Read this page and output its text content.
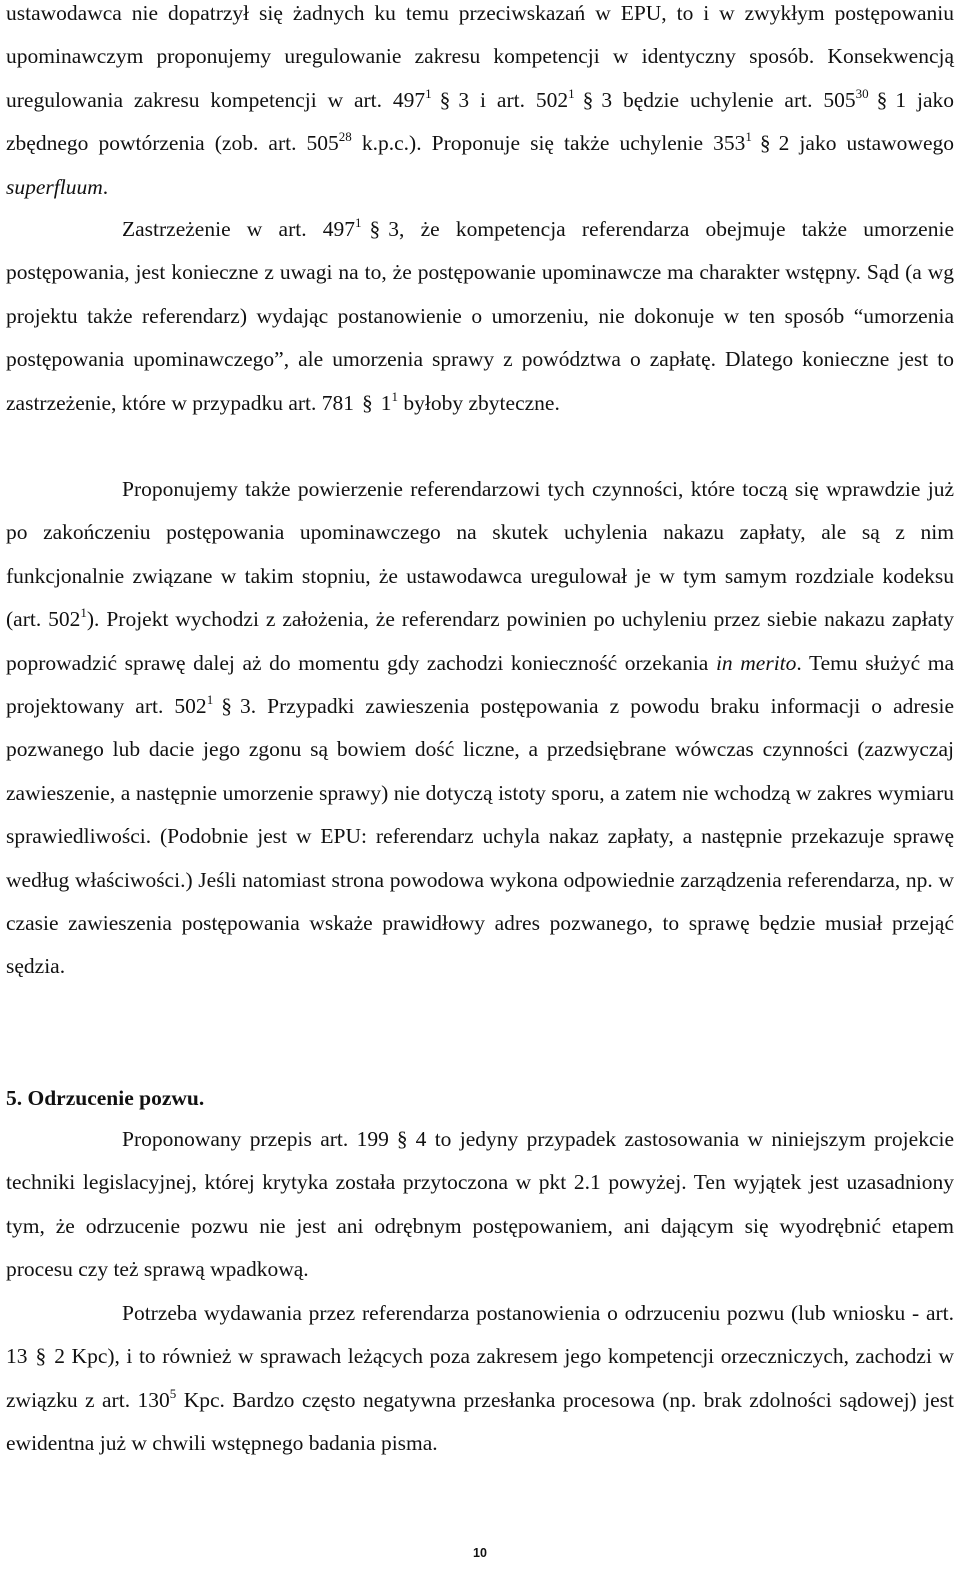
ustawodawca nie dopatrzył się żadnych ku temu przeciwskazań w EPU, to i w zwykłym postępowaniu upominawczym proponujemy uregulowanie zakresu kompetencji w identyczny sposób. Konsekwencją uregulowania zakresu kompetencji w art. $497^1$ § 3 i art. $502^1$ § 3 będzie uchylenie art. $505^{30}$ § 1 jako zbędnego powtórzenia (zob. art. $505^{28}$ k.p.c.). Proponuje się także uchylenie $353^1$ § 2 jako ustawowego superfluum.

Zastrzeżenie w art. $497^1$ § 3, że kompetencja referendarza obejmuje także umorzenie postępowania, jest konieczne z uwagi na to, że postępowanie upominawcze ma charakter wstępny. Sąd (a wg projektu także referendarz) wydając postanowienie o umorzeniu, nie dokonuje w ten sposób “umorzenia postępowania upominawczego”, ale umorzenia sprawy z powództwa o zapłatę. Dlatego konieczne jest to zastrzeżenie, które w przypadku art. 781 § $1^1$ byłoby zbyteczne.

Proponujemy także powierzenie referendarzowi tych czynności, które toczą się wprawdzie już po zakończeniu postępowania upominawczego na skutek uchylenia nakazu zapłaty, ale są z nim funkcjonalnie związane w takim stopniu, że ustawodawca uregulował je w tym samym rozdziale kodeksu (art. $502^1$). Projekt wychodzi z założenia, że referendarz powinien po uchyleniu przez siebie nakazu zapłaty poprowadzić sprawę dalej aż do momentu gdy zachodzi konieczność orzekania in merito. Temu służyć ma projektowany art. $502^1$ § 3. Przypadki zawieszenia postępowania z powodu braku informacji o adresie pozwanego lub dacie jego zgonu są bowiem dość liczne, a przedsiębrane wówczas czynności (zazwyczaj zawieszenie, a następnie umorzenie sprawy) nie dotyczą istoty sporu, a zatem nie wchodzą w zakres wymiaru sprawiedliwości. (Podobnie jest w EPU: referendarz uchyla nakaz zapłaty, a następnie przekazuje sprawę według właściwości.) Jeśli natomiast strona powodowa wykona odpowiednie zarządzenia referendarza, np. w czasie zawieszenia postępowania wskaże prawidłowy adres pozwanego, to sprawę będzie musiał przejąć sędzia.

5. Odrzucenie pozwu.

Proponowany przepis art. 199 § 4 to jedyny przypadek zastosowania w niniejszym projekcie techniki legislacyjnej, której krytyka została przytoczona w pkt 2.1 powyżej. Ten wyjątek jest uzasadniony tym, że odrzucenie pozwu nie jest ani odrębnym postępowaniem, ani dającym się wyodrębnić etapem procesu czy też sprawą wpadkową.

Potrzeba wydawania przez referendarza postanowienia o odrzuceniu pozwu (lub wniosku - art. 13 § 2 Kpc), i to również w sprawach leżących poza zakresem jego kompetencji orzeczniczych, zachodzi w związku z art. $130^5$ Kpc. Bardzo często negatywna przesłanka procesowa (np. brak zdolności sądowej) jest ewidentna już w chwili wstępnego badania pisma.

10
